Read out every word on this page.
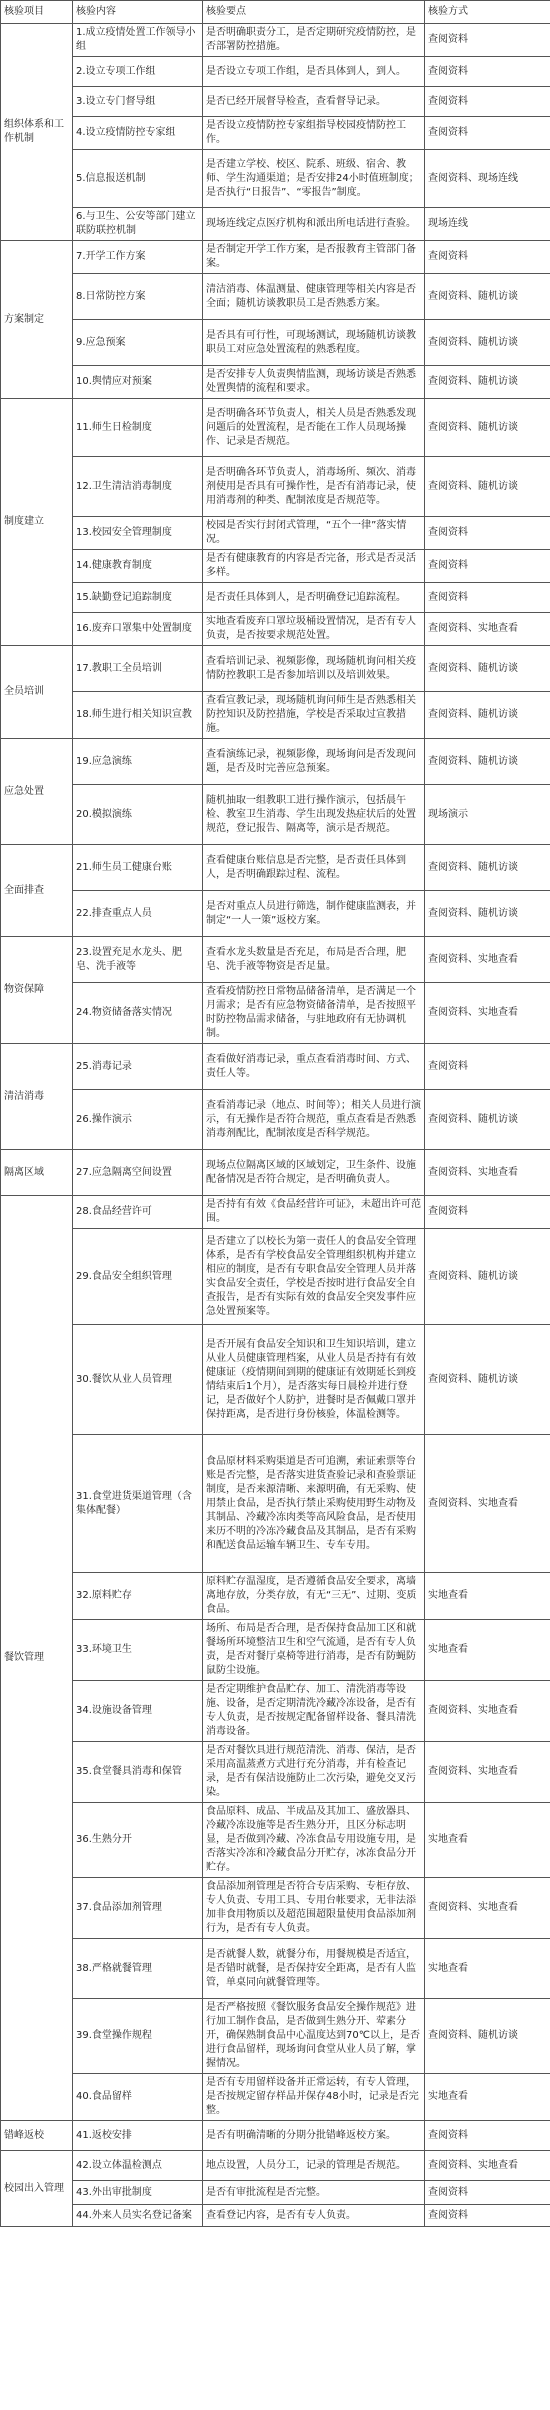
核验项目	核验内容	核验要点	核验方式
组织体系和工作机制	1.成立疫情处置工作领导小组	是否明确职责分工，是否定期研究疫情防控，是否部署防控措施。	查阅资料
	2.设立专项工作组	是否设立专项工作组，是否具体到人，到人。	查阅资料
	3.设立专门督导组	是否已经开展督导检查，查看督导记录。	查阅资料
	4.设立疫情防控专家组	是否设立疫情防控专家组指导校园疫情防控工作。	查阅资料
	5.信息报送机制	是否建立学校、校区、院系、班级、宿舍、教师、学生沟通渠道；是否安排24小时值班制度；是否执行“日报告”、“零报告”制度。	查阅资料、现场连线
	6.与卫生、公安等部门建立联防联控机制	现场连线定点医疗机构和派出所电话进行查验。	现场连线
方案制定	7.开学工作方案	是否制定开学工作方案，是否报教育主管部门备案。	查阅资料
	8.日常防控方案	清洁消毒、体温测量、健康管理等相关内容是否全面；随机访谈教职员工是否熟悉方案。	查阅资料、随机访谈
	9.应急预案	是否具有可行性，可现场测试，现场随机访谈教职员工对应急处置流程的熟悉程度。	查阅资料、随机访谈
	10.舆情应对预案	是否安排专人负责舆情监测，现场访谈是否熟悉处置舆情的流程和要求。	查阅资料、随机访谈
制度建立	11.师生日检制度	是否明确各环节负责人，相关人员是否熟悉发现问题后的处置流程，是否能在工作人员现场操作、记录是否规范。	查阅资料、随机访谈
	12.卫生清洁消毒制度	是否明确各环节负责人，消毒场所、频次、消毒剂使用是否具有可操作性，是否有消毒记录，使用消毒剂的种类、配制浓度是否规范等。	查阅资料、随机访谈
	13.校园安全管理制度	校园是否实行封闭式管理，“五个一律”落实情况。	查阅资料
	14.健康教育制度	是否有健康教育的内容是否完备，形式是否灵活多样。	查阅资料
	15.缺勤登记追踪制度	是否责任具体到人，是否明确登记追踪流程。	查阅资料
	16.废弃口罩集中处置制度	实地查看废弃口罩垃圾桶设置情况，是否有专人负责，是否按要求规范处置。	查阅资料、实地查看
全员培训	17.教职工全员培训	查看培训记录、视频影像，现场随机询问相关疫情防控教职工是否参加培训以及培训效果。	查阅资料、随机访谈
	18.师生进行相关知识宣教	查看宣教记录，现场随机询问师生是否熟悉相关防控知识及防控措施，学校是否采取过宣教措施。	查阅资料、随机访谈
应急处置	19.应急演练	查看演练记录，视频影像，现场询问是否发现问题，是否及时完善应急预案。	查阅资料、随机访谈
	20.模拟演练	随机抽取一组教职工进行操作演示，包括晨午检、教室卫生消毒、学生出现发热症状后的处置规范，登记报告、隔离等，演示是否规范。	现场演示
全面排查	21.师生员工健康台账	查看健康台账信息是否完整，是否责任具体到人，是否明确跟踪过程、流程。	查阅资料、随机访谈
	22.排查重点人员	是否对重点人员进行筛选，制作健康监测表，并制定“一人一策”返校方案。	查阅资料、随机访谈
物资保障	23.设置充足水龙头、肥皂、洗手液等	查看水龙头数量是否充足，布局是否合理，肥皂、洗手液等物资是否足量。	查阅资料、实地查看
	24.物资储备落实情况	查看疫情防控日常物品储备清单，是否满足一个月需求；是否有应急物资储备清单，是否按照平时防控物品需求储备，与驻地政府有无协调机制。	查阅资料、实地查看
清洁消毒	25.消毒记录	查看做好消毒记录，重点查看消毒时间、方式、责任人等。	查阅资料
	26.操作演示	查看消毒记录（地点、时间等）；相关人员进行演示，有无操作是否符合规范，重点查看是否熟悉消毒剂配比，配制浓度是否科学规范。	查阅资料、随机访谈
隔离区域	27.应急隔离空间设置	现场点位隔离区域的区域划定，卫生条件、设施配备情况是否符合规定，是否明确负责人。	查阅资料、实地查看
餐饮管理	28.食品经营许可	是否持有有效《食品经营许可证》，未超出许可范围。	查阅资料
	29.食品安全组织管理	是否建立了以校长为第一责任人的食品安全管理体系，是否有学校食品安全管理组织机构并建立相应的制度，是否有专职食品安全管理人员并落实食品安全责任，学校是否按时进行食品安全自查报告，是否有实际有效的食品安全突发事件应急处置预案等。	查阅资料、随机访谈
	30.餐饮从业人员管理	是否开展有食品安全知识和卫生知识培训，建立从业人员健康管理档案，从业人员是否持有有效健康证（疫情期间到期的健康证有效期延长到疫情结束后1个月），是否落实每日晨检并进行登记，是否做好个人防护，进餐时是否佩戴口罩并保持距离，是否进行身份核验，体温检测等。	查阅资料、随机访谈
	31.食堂进货渠道管理（含集体配餐）	食品原材料采购渠道是否可追溯，索证索票等台账是否完整，是否落实进货查验记录和查验票证制度，是否来源清晰、来源明确，有无采购、使用禁止食品，是否执行禁止采购使用野生动物及其制品、冷藏冷冻肉类等高风险食品，是否使用来历不明的冷冻冷藏食品及其制品，是否有采购和配送食品运输车辆卫生、专车专用。	查阅资料、实地查看
	32.原料贮存	原料贮存温湿度，是否遵循食品安全要求，离墙离地存放，分类存放，有无“三无”、过期、变质食品。	实地查看
	33.环境卫生	场所、布局是否合理，是否保持食品加工区和就餐场所环境整洁卫生和空气流通，是否有专人负责，是否对餐厅桌椅等进行消毒，是否有防蝇防鼠防尘设施。	实地查看
	34.设施设备管理	是否定期维护食品贮存、加工、清洗消毒等设施、设备，是否定期清洗冷藏冷冻设备，是否有专人负责，是否按规定配备留样设备、餐具清洗消毒设备。	查阅资料、实地查看
	35.食堂餐具消毒和保管	是否对餐饮具进行规范清洗、消毒、保洁，是否采用高温蒸煮方式进行充分消毒，并有检查记录，是否有保洁设施防止二次污染，避免交叉污染。	查阅资料、实地查看
	36.生熟分开	食品原料、成品、半成品及其加工、盛放器具、冷藏冷冻设施等是否生熟分开，且区分标志明显，是否做到冷藏、冷冻食品专用设施专用，是否落实冷冻和冷藏食品分开贮存，冰冻食品分开贮存。	实地查看
	37.食品添加剂管理	食品添加剂管理是否符合专店采购、专柜存放、专人负责、专用工具、专用台帐要求，无非法添加非食用物质以及超范围超限量使用食品添加剂行为，是否有专人负责。	查阅资料、实地查看
	38.严格就餐管理	是否就餐人数，就餐分布，用餐规模是否适宜，是否错时就餐，是否保持安全距离，是否有人监管，单桌同向就餐管理等。	实地查看
	39.食堂操作规程	是否严格按照《餐饮服务食品安全操作规范》进行加工制作食品，是否做到生熟分开、荤素分开，确保熟制食品中心温度达到70℃以上，是否进行食品留样，现场询问食堂从业人员了解，掌握情况。	查阅资料、随机访谈
	40.食品留样	是否有专用留样设备并正常运转，有专人管理，是否按规定留存样品并保存48小时，记录是否完整。	实地查看
错峰返校	41.返校安排	是否有明确清晰的分期分批错峰返校方案。	查阅资料
校园出入管理	42.设立体温检测点	地点设置，人员分工，记录的管理是否规范。	查阅资料、实地查看
	43.外出审批制度	是否有审批流程是否完整。	查阅资料
	44.外来人员实名登记备案	查看登记内容，是否有专人负责。	查阅资料
